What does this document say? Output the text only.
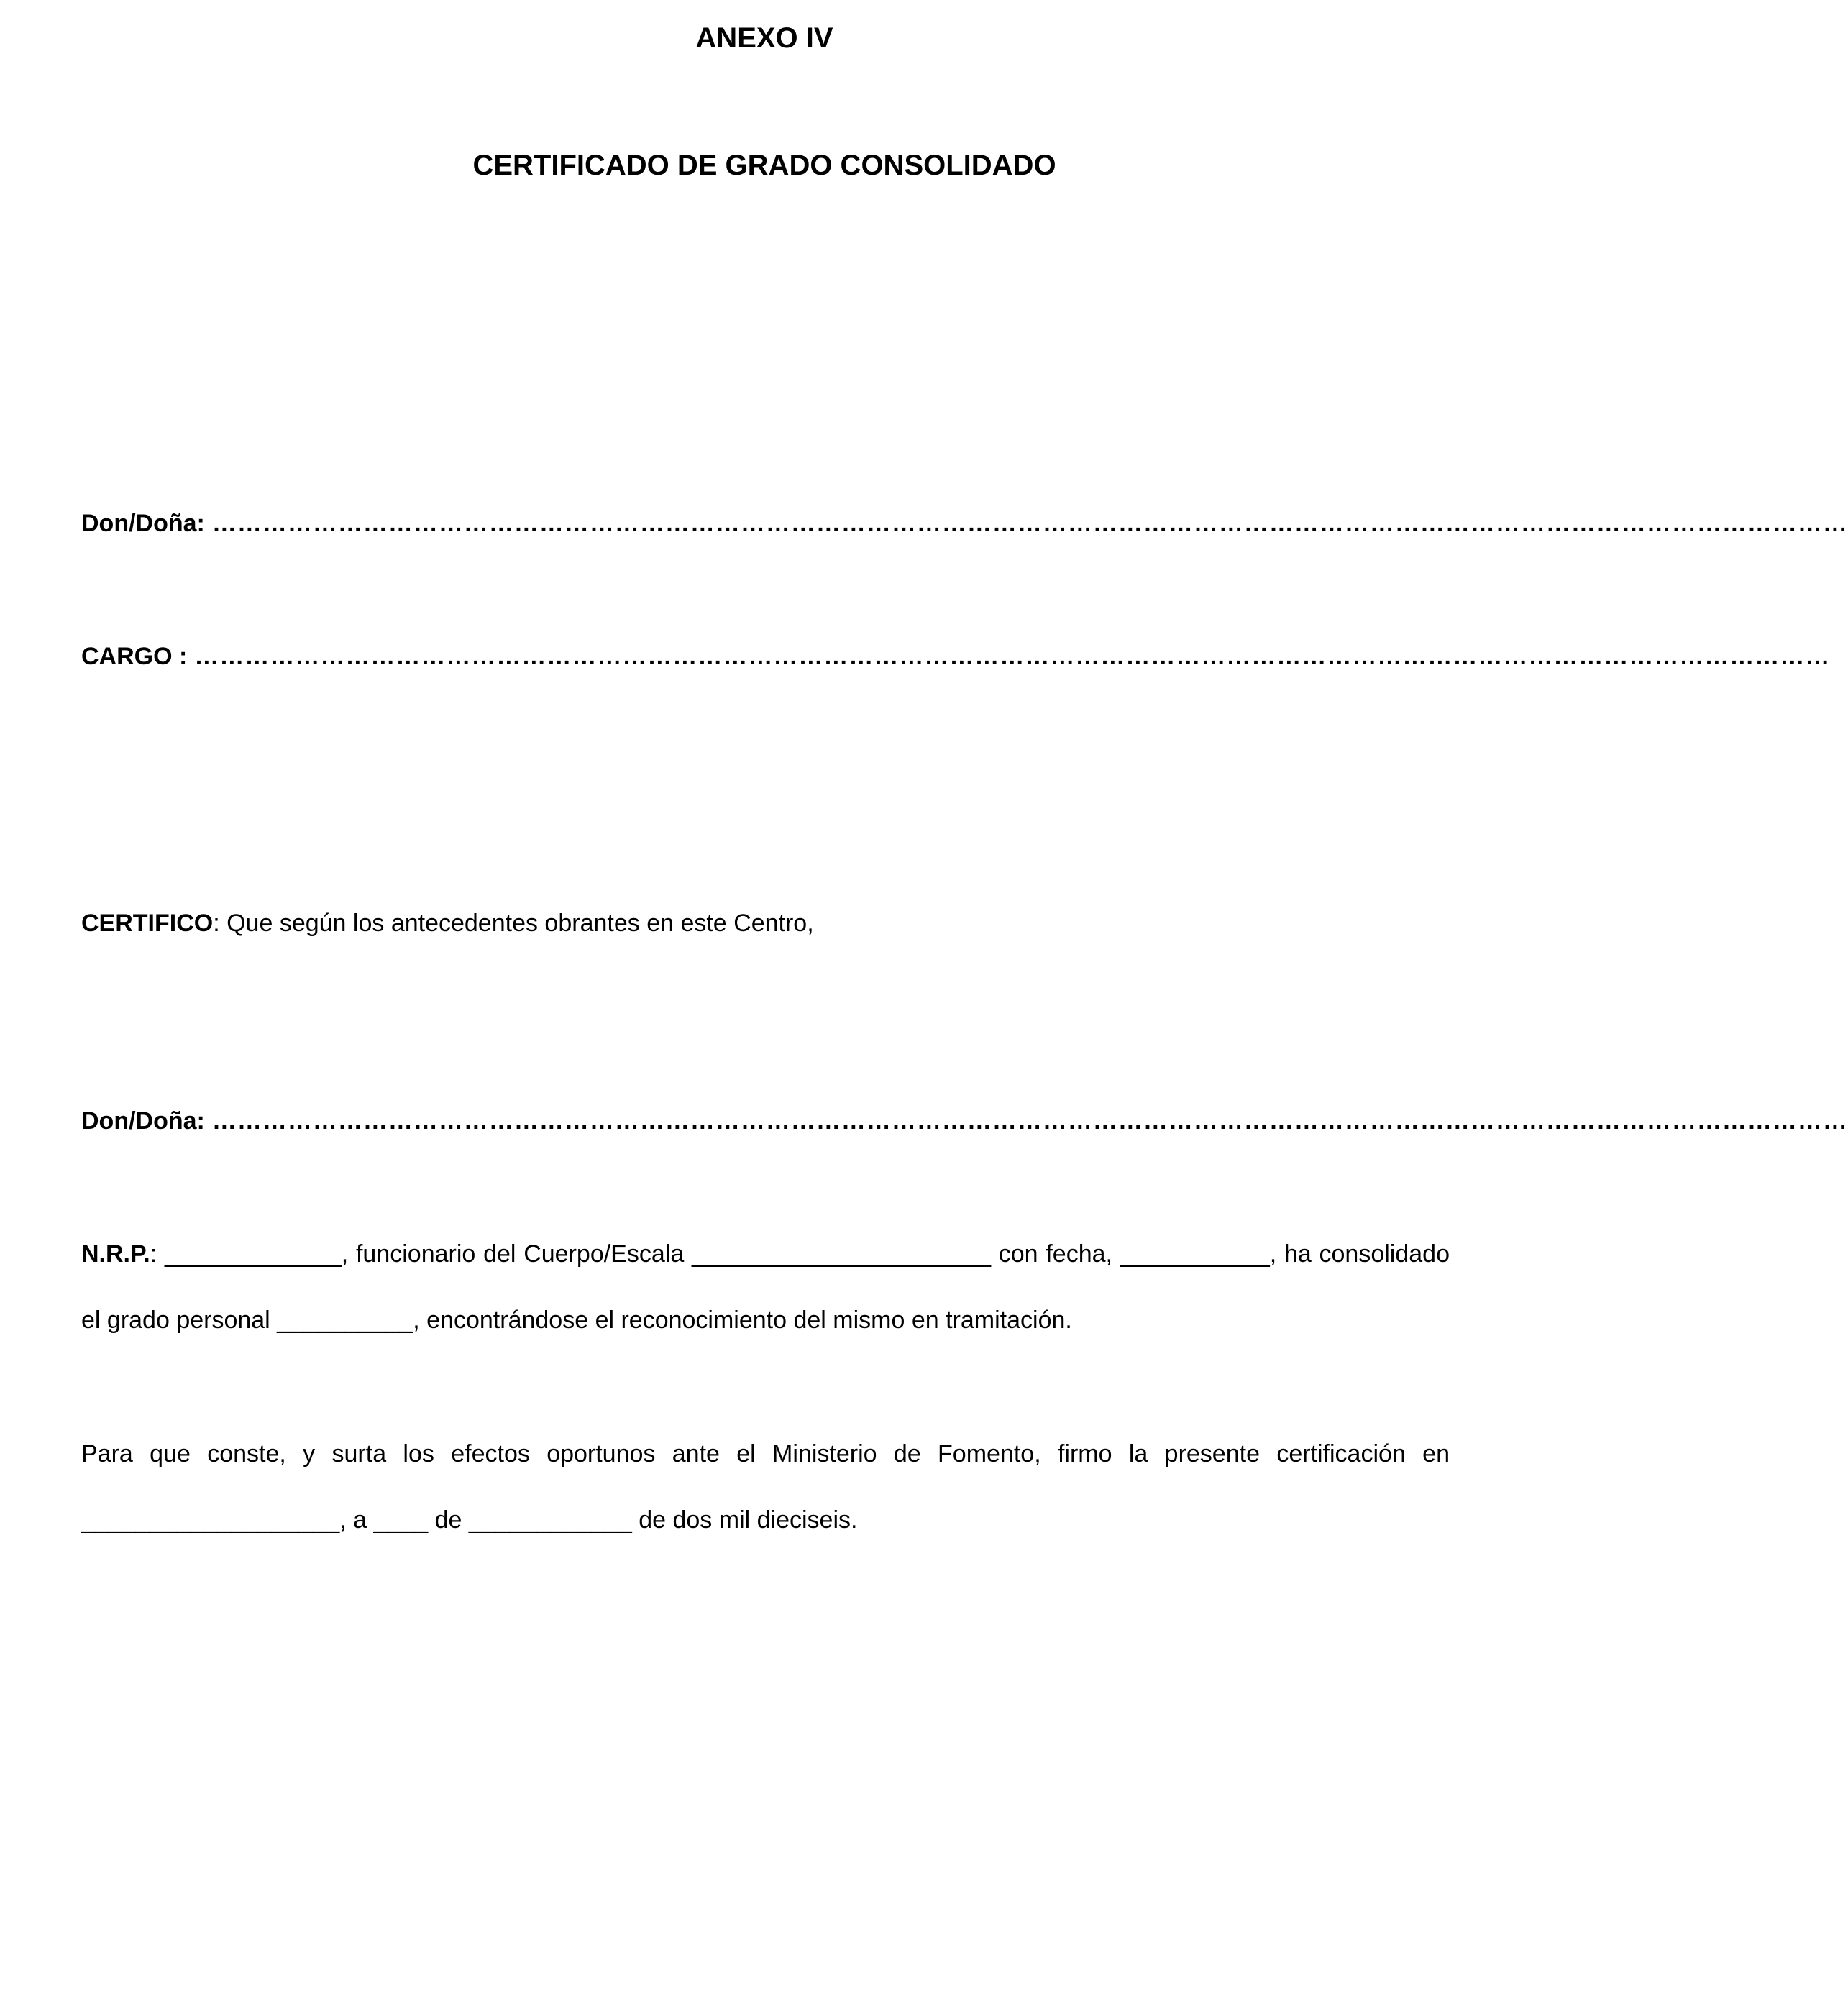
ANEXO IV
CERTIFICADO DE GRADO CONSOLIDADO
Don/Doña: ……………………………………………………………………………………………………………………………………………………………………………
CARGO : ……………………………………………………………………………………………………………………………………………………………………………
CERTIFICO: Que según los antecedentes obrantes en este Centro,
Don/Doña: ……………………………………………………………………………………………………………………………………………………………………………
N.R.P.: _____________, funcionario del Cuerpo/Escala ______________________ con fecha, ___________, ha consolidado
el grado personal __________, encontrándose el reconocimiento del mismo en tramitación.
Para que conste, y surta los efectos oportunos ante el Ministerio de Fomento, firmo la presente certificación en
___________________, a ____ de ____________ de dos mil dieciseis.
